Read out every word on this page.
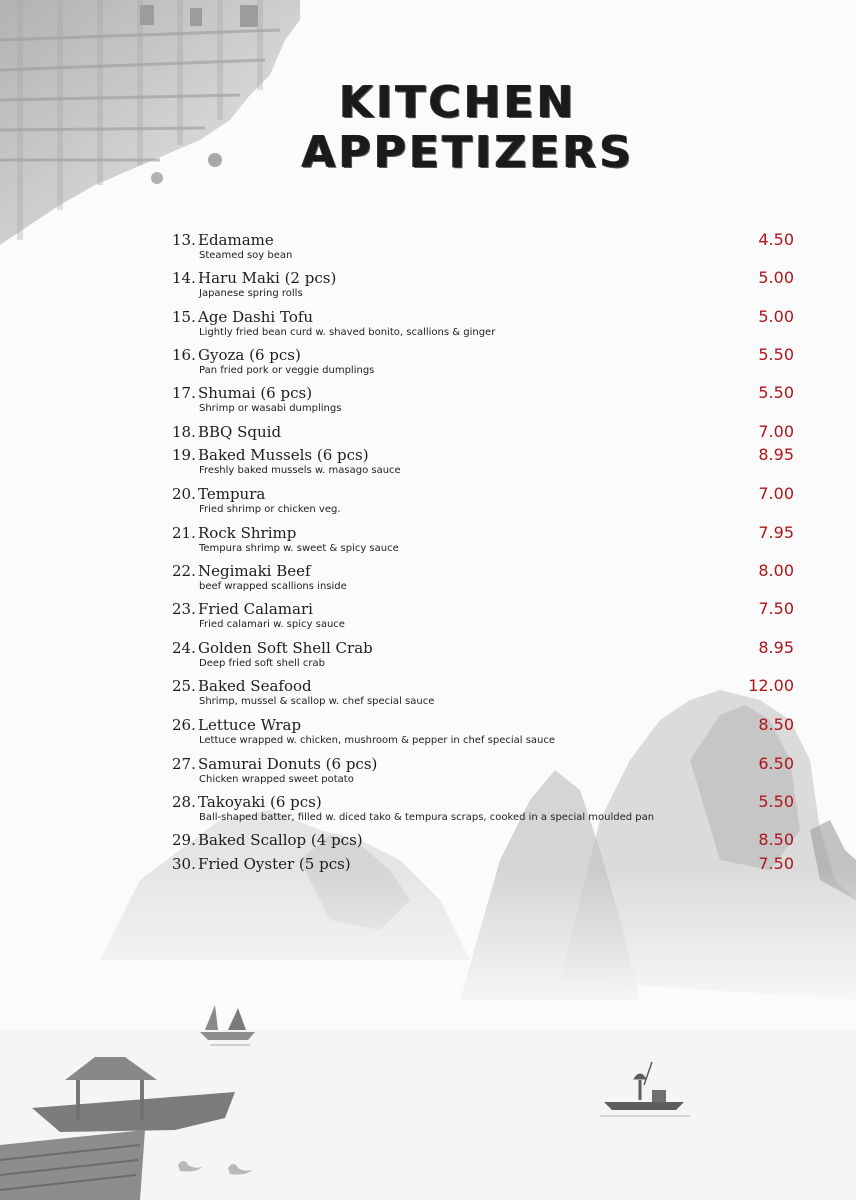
KITCHEN
APPETIZERS
13. Edamame
Steamed soy bean
4.50
14. Haru Maki (2 pcs)
Japanese spring rolls
5.00
15. Age Dashi Tofu
Lightly fried bean curd w. shaved bonito, scallions & ginger
5.00
16. Gyoza (6 pcs)
Pan fried pork or veggie dumplings
5.50
17. Shumai (6 pcs)
Shrimp or wasabi dumplings
5.50
18. BBQ Squid	7.00
19. Baked Mussels (6 pcs)
Freshly baked mussels w. masago sauce
8.95
20. Tempura
Fried shrimp or chicken veg.
7.00
21. Rock Shrimp
Tempura shrimp w. sweet & spicy sauce
7.95
22. Negimaki Beef
beef wrapped scallions inside
8.00
23. Fried Calamari
Fried calamari w. spicy sauce
7.50
24. Golden Soft Shell Crab
Deep fried soft shell crab
8.95
25. Baked Seafood
Shrimp, mussel & scallop w. chef special sauce
12.00
26. Lettuce Wrap
Lettuce wrapped w. chicken, mushroom & pepper in chef special sauce
8.50
27. Samurai Donuts (6 pcs)
Chicken wrapped sweet potato
6.50
28. Takoyaki (6 pcs)
Ball-shaped batter, filled w. diced tako & tempura scraps, cooked in a special moulded pan
5.50
29. Baked Scallop (4 pcs)	8.50
30. Fried Oyster (5 pcs)	7.50
